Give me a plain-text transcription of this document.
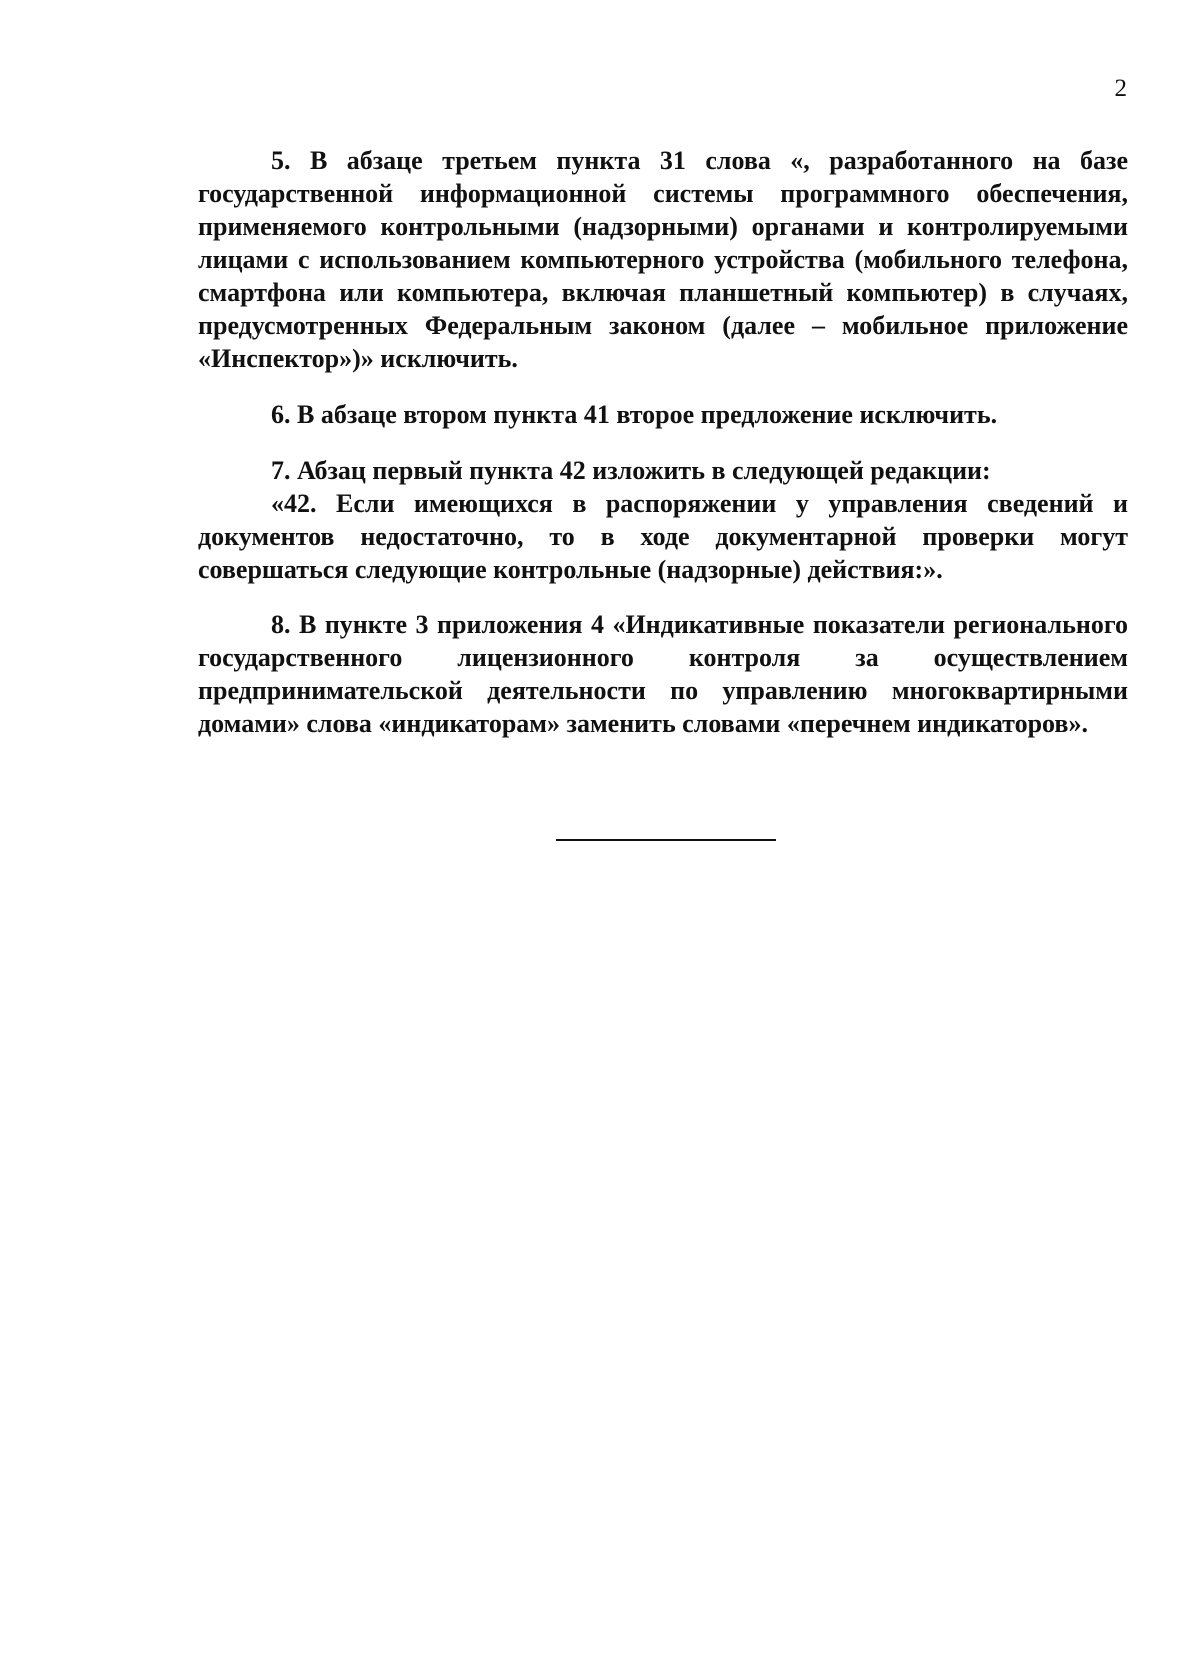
2

5. В абзаце третьем пункта 31 слова «, разработанного на базе государственной информационной системы программного обеспечения, применяемого контрольными (надзорными) органами и контролируемыми лицами с использованием компьютерного устройства (мобильного телефона, смартфона или компьютера, включая планшетный компьютер) в случаях, предусмотренных Федеральным законом (далее – мобильное приложение «Инспектор»)» исключить.

6. В абзаце втором пункта 41 второе предложение исключить.

7. Абзац первый пункта 42 изложить в следующей редакции:

«42. Если имеющихся в распоряжении у управления сведений и документов недостаточно, то в ходе документарной проверки могут совершаться следующие контрольные (надзорные) действия:».

8. В пункте 3 приложения 4 «Индикативные показатели регионального государственного лицензионного контроля за осуществлением предпринимательской деятельности по управлению многоквартирными домами» слова «индикаторам» заменить словами «перечнем индикаторов».
